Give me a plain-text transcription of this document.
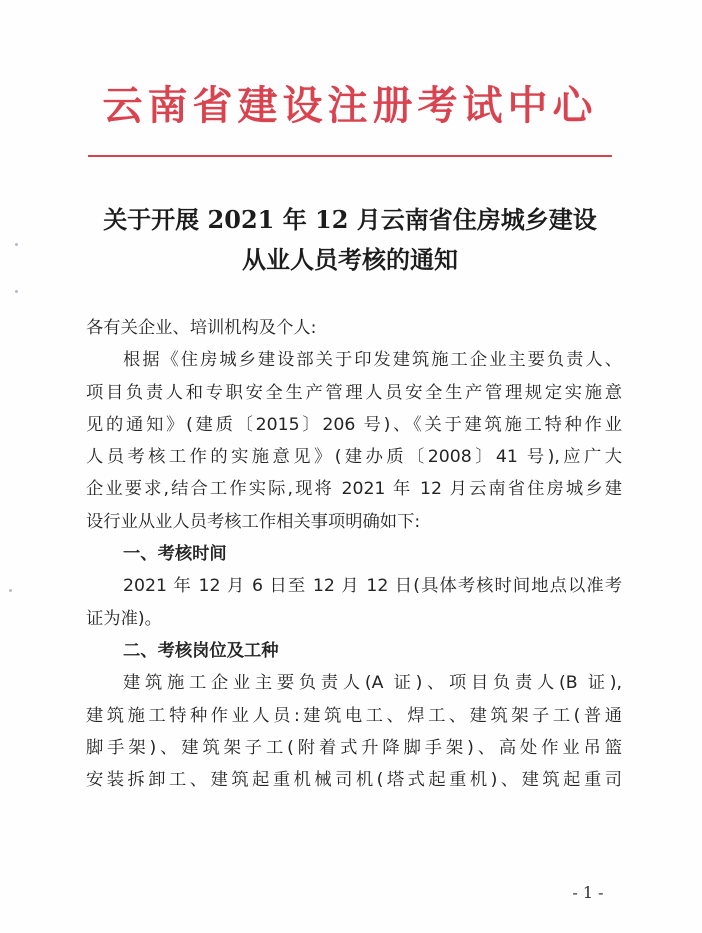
云南省建设注册考试中心
关于开展 2021 年 12 月云南省住房城乡建设
从业人员考核的通知
各有关企业、培训机构及个人:
根据《住房城乡建设部关于印发建筑施工企业主要负责人、
项目负责人和专职安全生产管理人员安全生产管理规定实施意
见的通知》(建质〔2015〕206 号)、《关于建筑施工特种作业
人员考核工作的实施意见》(建办质〔2008〕41 号),应广大
企业要求,结合工作实际,现将 2021 年 12 月云南省住房城乡建
设行业从业人员考核工作相关事项明确如下:
一、考核时间
2021 年 12 月 6 日至 12 月 12 日(具体考核时间地点以准考
证为准)。
二、考核岗位及工种
建筑施工企业主要负责人(A 证)、项目负责人(B 证),
建筑施工特种作业人员:建筑电工、焊工、建筑架子工(普通
脚手架)、建筑架子工(附着式升降脚手架)、高处作业吊篮
安装拆卸工、建筑起重机械司机(塔式起重机)、建筑起重司
- 1 -
